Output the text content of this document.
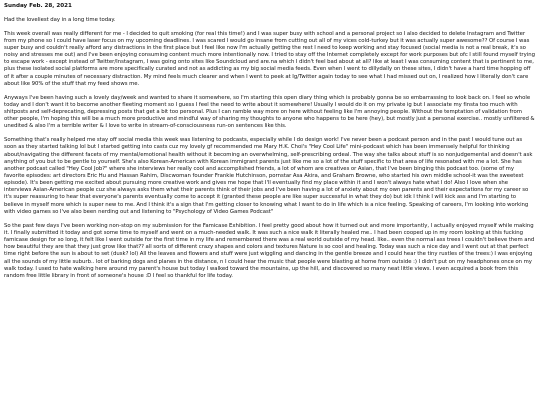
Sunday Feb. 28, 2021

Had the loveliest day in a long time today.

This week overall was really different for me - I decided to quit smoking (for real this time!) and I was super busy with school and a personal project so I also decided to delete Instagram and Twitter from my phone so I could have laser focus on my upcoming deadlines. I was scared I would go insane from cutting out all of my vices cold-turkey but it was actually super awesome?? Of course I was super busy and couldn't really afford any distractions in the first place but I feel like now I'm actually getting the rest I need to keep working and stay focused (social media is not a real break, it's so noisy and stresses me out) and I've been enjoying consuming content much more intentionally now. I tried to stay off the Internet completely except for work purposes but ofc I still found myself trying to escape work - except instead of Twitter/Instagram, I was going onto sites like Soundcloud and are.na which I didn't feel bad about at all? like at least I was consuming content that is pertinent to me, plus these isolated social platforms are more specifically curated and not as addicting as my big social media feeds. Even when I went to dillydally on these sites, I didn't have a hard time hopping off of it after a couple minutes of necessary distraction. My mind feels much clearer and when I went to peek at Ig/Twitter again today to see what I had missed out on, I realized how I literally don't care about like 90% of the stuff that my feed shows me.

Anyways I've been having such a lovely day/week and wanted to share it somewhere, so I'm starting this open diary thing which is probably gonna be so embarrassing to look back on. I feel so whole today and I don't want it to become another fleeting moment so I guess I feel the need to write about it somewhere! Usually I would do it on my private ig but I associate my finsta too much with shitposts and self-deprecating, depressing posts that get a bit too personal. Plus I can ramble way more on here without feeling like I'm annoying people. Without the temptation of validation from other people, I'm hoping this will be a much more productive and mindful way of sharing my thoughts to anyone who happens to be here (hey), but mostly just a personal exercise.. mostly unfiltered & unedited & also I'm a terrible writer & I love to write in stream-of-consciousness run-on sentences like this.

Something that's really helped me stay off social media this week was listening to podcasts, especially while I do design work! I've never been a podcast person and in the past I would tune out as soon as they started talking lol but I started getting into casts cuz my lovely gf recommended me Mary H.K. Choi's "Hey Cool Life" mini-podcast which has been immensely helpful for thinking about/navigating the different facets of my mental/emotional health without it becoming an overwhelming, self-prescribing ordeal. The way she talks about stuff is so nonjudgemental and doesn't ask anything of you but to be gentle to yourself. She's also Korean-American with Korean immigrant parents just like me so a lot of the stuff specific to that area of life resonated with me a lot. She has another podcast called "Hey Cool Job?" where she interviews her really cool and accomplished friends, a lot of whom are creatives or Asian, that I've been binging this podcast too. (some of my favorite episodes: art directors Eric Hu and Hassan Rahim, Discwoman founder Frankie Hutchinson, pornstar Asa Akira, and Graham Browne, who started his own middle school-it was the sweetest episode). It's been getting me excited about pursuing more creative work and gives me hope that I'll eventually find my place within it and I won't always hate what I do! Also I love when she interviews Asian-American people cuz she always asks them what their parents think of their jobs and I've been having a lot of anxiety about my own parents and their expectations for my career so it's super reassuring to hear that everyone's parents eventually come to accept it (granted these people are like super successful in what they do) but idk I think I will kick ass and I'm starting to believe in myself more which is super new to me. And I think it's a sign that I'm getting closer to knowing what I want to do in life which is a nice feeling. Speaking of careers, I'm looking into working with video games so I've also been nerding out and listening to "Psychology of Video Games Podcast"

So the past few days I've been working non-stop on my submission for the Famicase Exhibition. I feel pretty good about how it turned out and more importantly, I actually enjoyed myself while making it. I finally submitted it today and got some time to myself and went on a much-needed walk. It was such a nice walk it literally healed me.. I had been cooped up in my room looking at this fucking famicase design for so long, it felt like I went outside for the first time in my life and remembered there was a real world outside of my head. like.. even the normal ass trees I couldn't believe them and how beautiful they are that they just grow like that?? all sorts of different crazy shapes and colors and textures Nature is so cool and healing. Today was such a nice day and I went out at that perfect time right before the sun is about to set (dusk? lol) All the leaves and flowers and stuff were just wiggling and dancing in the gentle breeze and I could hear the tiny rustles of the trees:) I was enjoying all the sounds of my little suburb.. lot of barking dogs and planes in the distance, n I could hear the music that people were blasting at home from outside :) I didn't put on my headphones once on my walk today. I used to hate walking here around my parent's house but today I walked toward the mountains, up the hill, and discovered so many neat little views. I even acquired a book from this random free little library in front of someone's house :D I feel so thankful for life today.
